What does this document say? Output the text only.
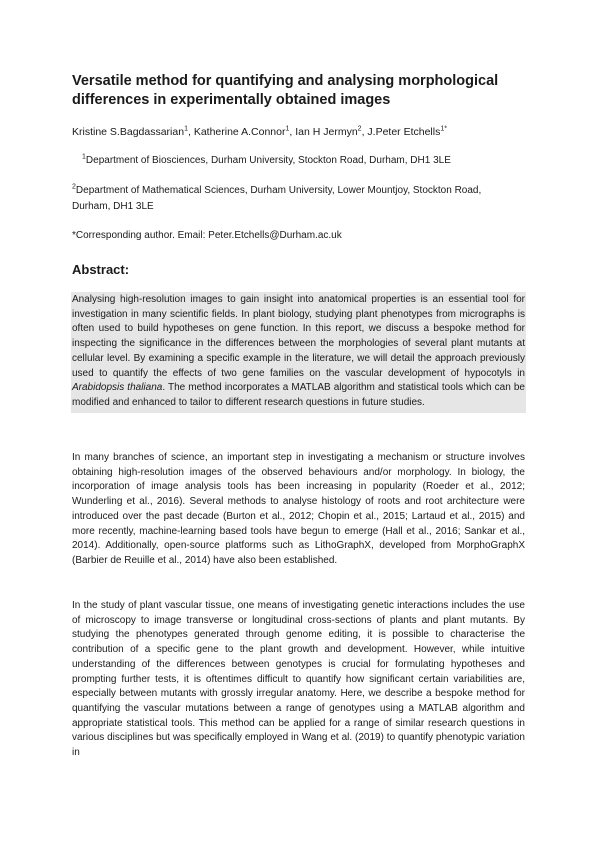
Versatile method for quantifying and analysing morphological differences in experimentally obtained images
Kristine S.Bagdassarian$^1$, Katherine A.Connor$^1$, Ian H Jermyn$^2$, J.Peter Etchells$^{1*}$
$^1$Department of Biosciences, Durham University, Stockton Road, Durham, DH1 3LE
$^2$Department of Mathematical Sciences, Durham University, Lower Mountjoy, Stockton Road, Durham, DH1 3LE
*Corresponding author. Email: Peter.Etchells@Durham.ac.uk
Abstract:
Analysing high-resolution images to gain insight into anatomical properties is an essential tool for investigation in many scientific fields. In plant biology, studying plant phenotypes from micrographs is often used to build hypotheses on gene function. In this report, we discuss a bespoke method for inspecting the significance in the differences between the morphologies of several plant mutants at cellular level. By examining a specific example in the literature, we will detail the approach previously used to quantify the effects of two gene families on the vascular development of hypocotyls in Arabidopsis thaliana. The method incorporates a MATLAB algorithm and statistical tools which can be modified and enhanced to tailor to different research questions in future studies.
In many branches of science, an important step in investigating a mechanism or structure involves obtaining high-resolution images of the observed behaviours and/or morphology. In biology, the incorporation of image analysis tools has been increasing in popularity (Roeder et al., 2012; Wunderling et al., 2016). Several methods to analyse histology of roots and root architecture were introduced over the past decade (Burton et al., 2012; Chopin et al., 2015; Lartaud et al., 2015) and more recently, machine-learning based tools have begun to emerge (Hall et al., 2016; Sankar et al., 2014). Additionally, open-source platforms such as LithoGraphX, developed from MorphoGraphX (Barbier de Reuille et al., 2014) have also been established.
In the study of plant vascular tissue, one means of investigating genetic interactions includes the use of microscopy to image transverse or longitudinal cross-sections of plants and plant mutants. By studying the phenotypes generated through genome editing, it is possible to characterise the contribution of a specific gene to the plant growth and development. However, while intuitive understanding of the differences between genotypes is crucial for formulating hypotheses and prompting further tests, it is oftentimes difficult to quantify how significant certain variabilities are, especially between mutants with grossly irregular anatomy. Here, we describe a bespoke method for quantifying the vascular mutations between a range of genotypes using a MATLAB algorithm and appropriate statistical tools. This method can be applied for a range of similar research questions in various disciplines but was specifically employed in Wang et al. (2019) to quantify phenotypic variation in
